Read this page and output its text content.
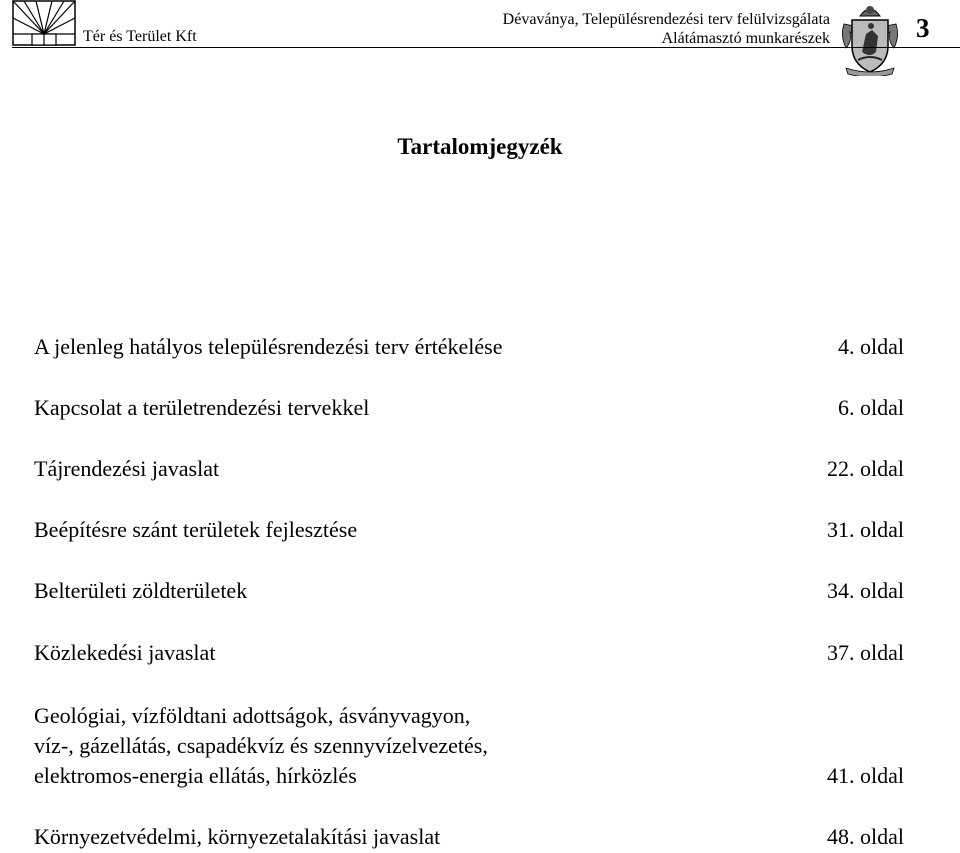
Tér és Terület Kft
Dévaványa, Településrendezési terv felülvizsgálata
Alátámasztó munkarészek	3
Tartalomjegyzék
A jelenleg hatályos településrendezési terv értékelése	4. oldal
Kapcsolat a területrendezési tervekkel	6. oldal
Tájrendezési javaslat	22. oldal
Beépítésre szánt területek fejlesztése	31. oldal
Belterületi zöldterületek	34. oldal
Közlekedési javaslat	37. oldal
Geológiai, vízföldtani adottságok, ásványvagyon,
víz-, gázellátás, csapadékvíz és szennyvízelvezetés,
elektromos-energia ellátás, hírközlés	41. oldal
Környezetvédelmi, környezetalakítási javaslat	48. oldal
